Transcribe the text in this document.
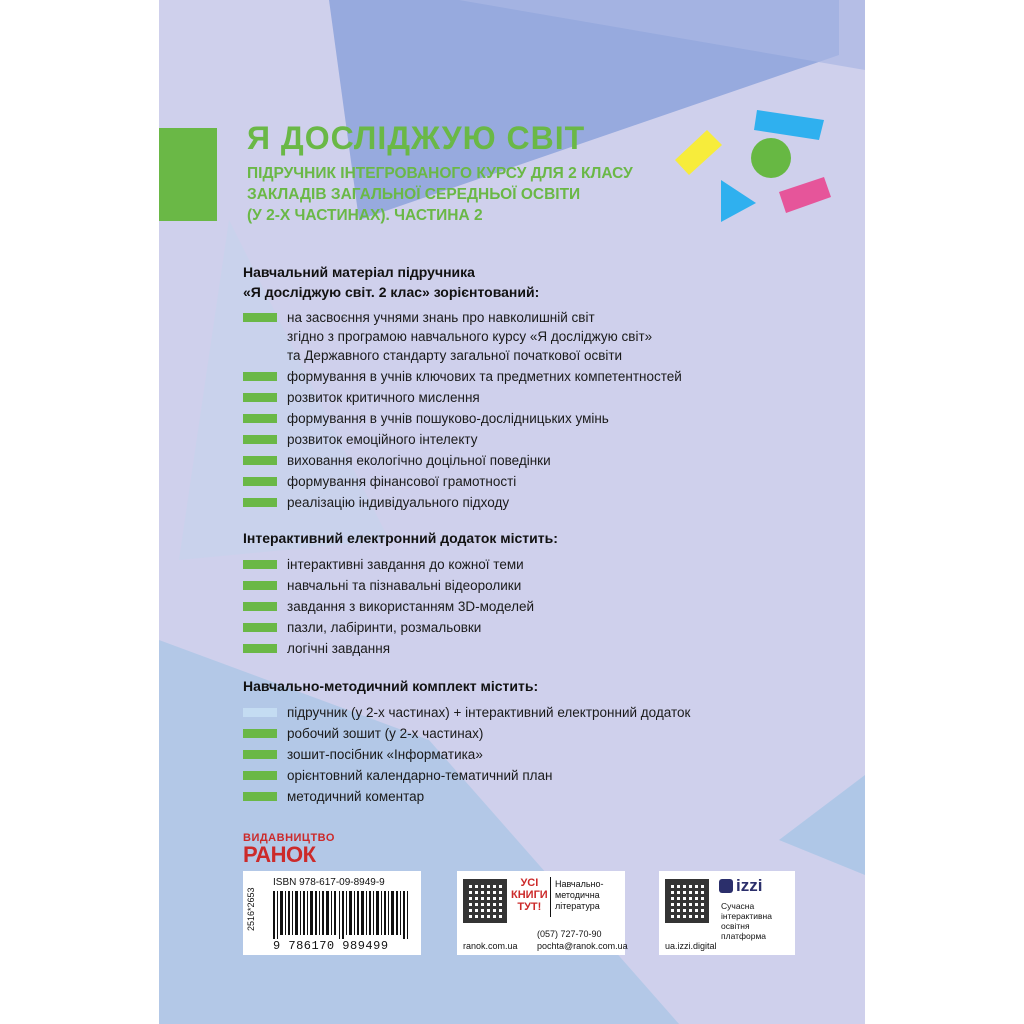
Я ДОСЛІДЖУЮ СВІТ
ПІДРУЧНИК ІНТЕГРОВАНОГО КУРСУ ДЛЯ 2 КЛАСУ
ЗАКЛАДІВ ЗАГАЛЬНОЇ СЕРЕДНЬОЇ ОСВІТИ
(У 2-Х ЧАСТИНАХ). ЧАСТИНА 2
Навчальний матеріал підручника
«Я досліджую світ. 2 клас» зорієнтований:
на засвоєння учнями знань про навколишній світ
згідно з програмою навчального курсу «Я досліджую світ»
та Державного стандарту загальної початкової освіти
формування в учнів ключових та предметних компетентностей
розвиток критичного мислення
формування в учнів пошуково-дослідницьких умінь
розвиток емоційного інтелекту
виховання екологічно доцільної поведінки
формування фінансової грамотності
реалізацію індивідуального підходу
Інтерактивний електронний додаток містить:
інтерактивні завдання до кожної теми
навчальні та пізнавальні відеоролики
завдання з використанням 3D-моделей
пазли, лабіринти, розмальовки
логічні завдання
Навчально-методичний комплект містить:
підручник (у 2-х частинах) + інтерактивний електронний додаток
робочий зошит (у 2-х частинах)
зошит-посібник «Інформатика»
орієнтовний календарно-тематичний план
методичний коментар
ВИДАВНИЦТВО
РАНОК
ISBN 978-617-09-8949-9
2516*2653
9 786170 989499
УСІ
КНИГИ
ТУТ!
Навчально-
методична
література
ranok.com.ua
(057) 727-70-90
pochta@ranok.com.ua
izzi
Сучасна
інтерактивна
освітня
платформа
ua.izzi.digital
